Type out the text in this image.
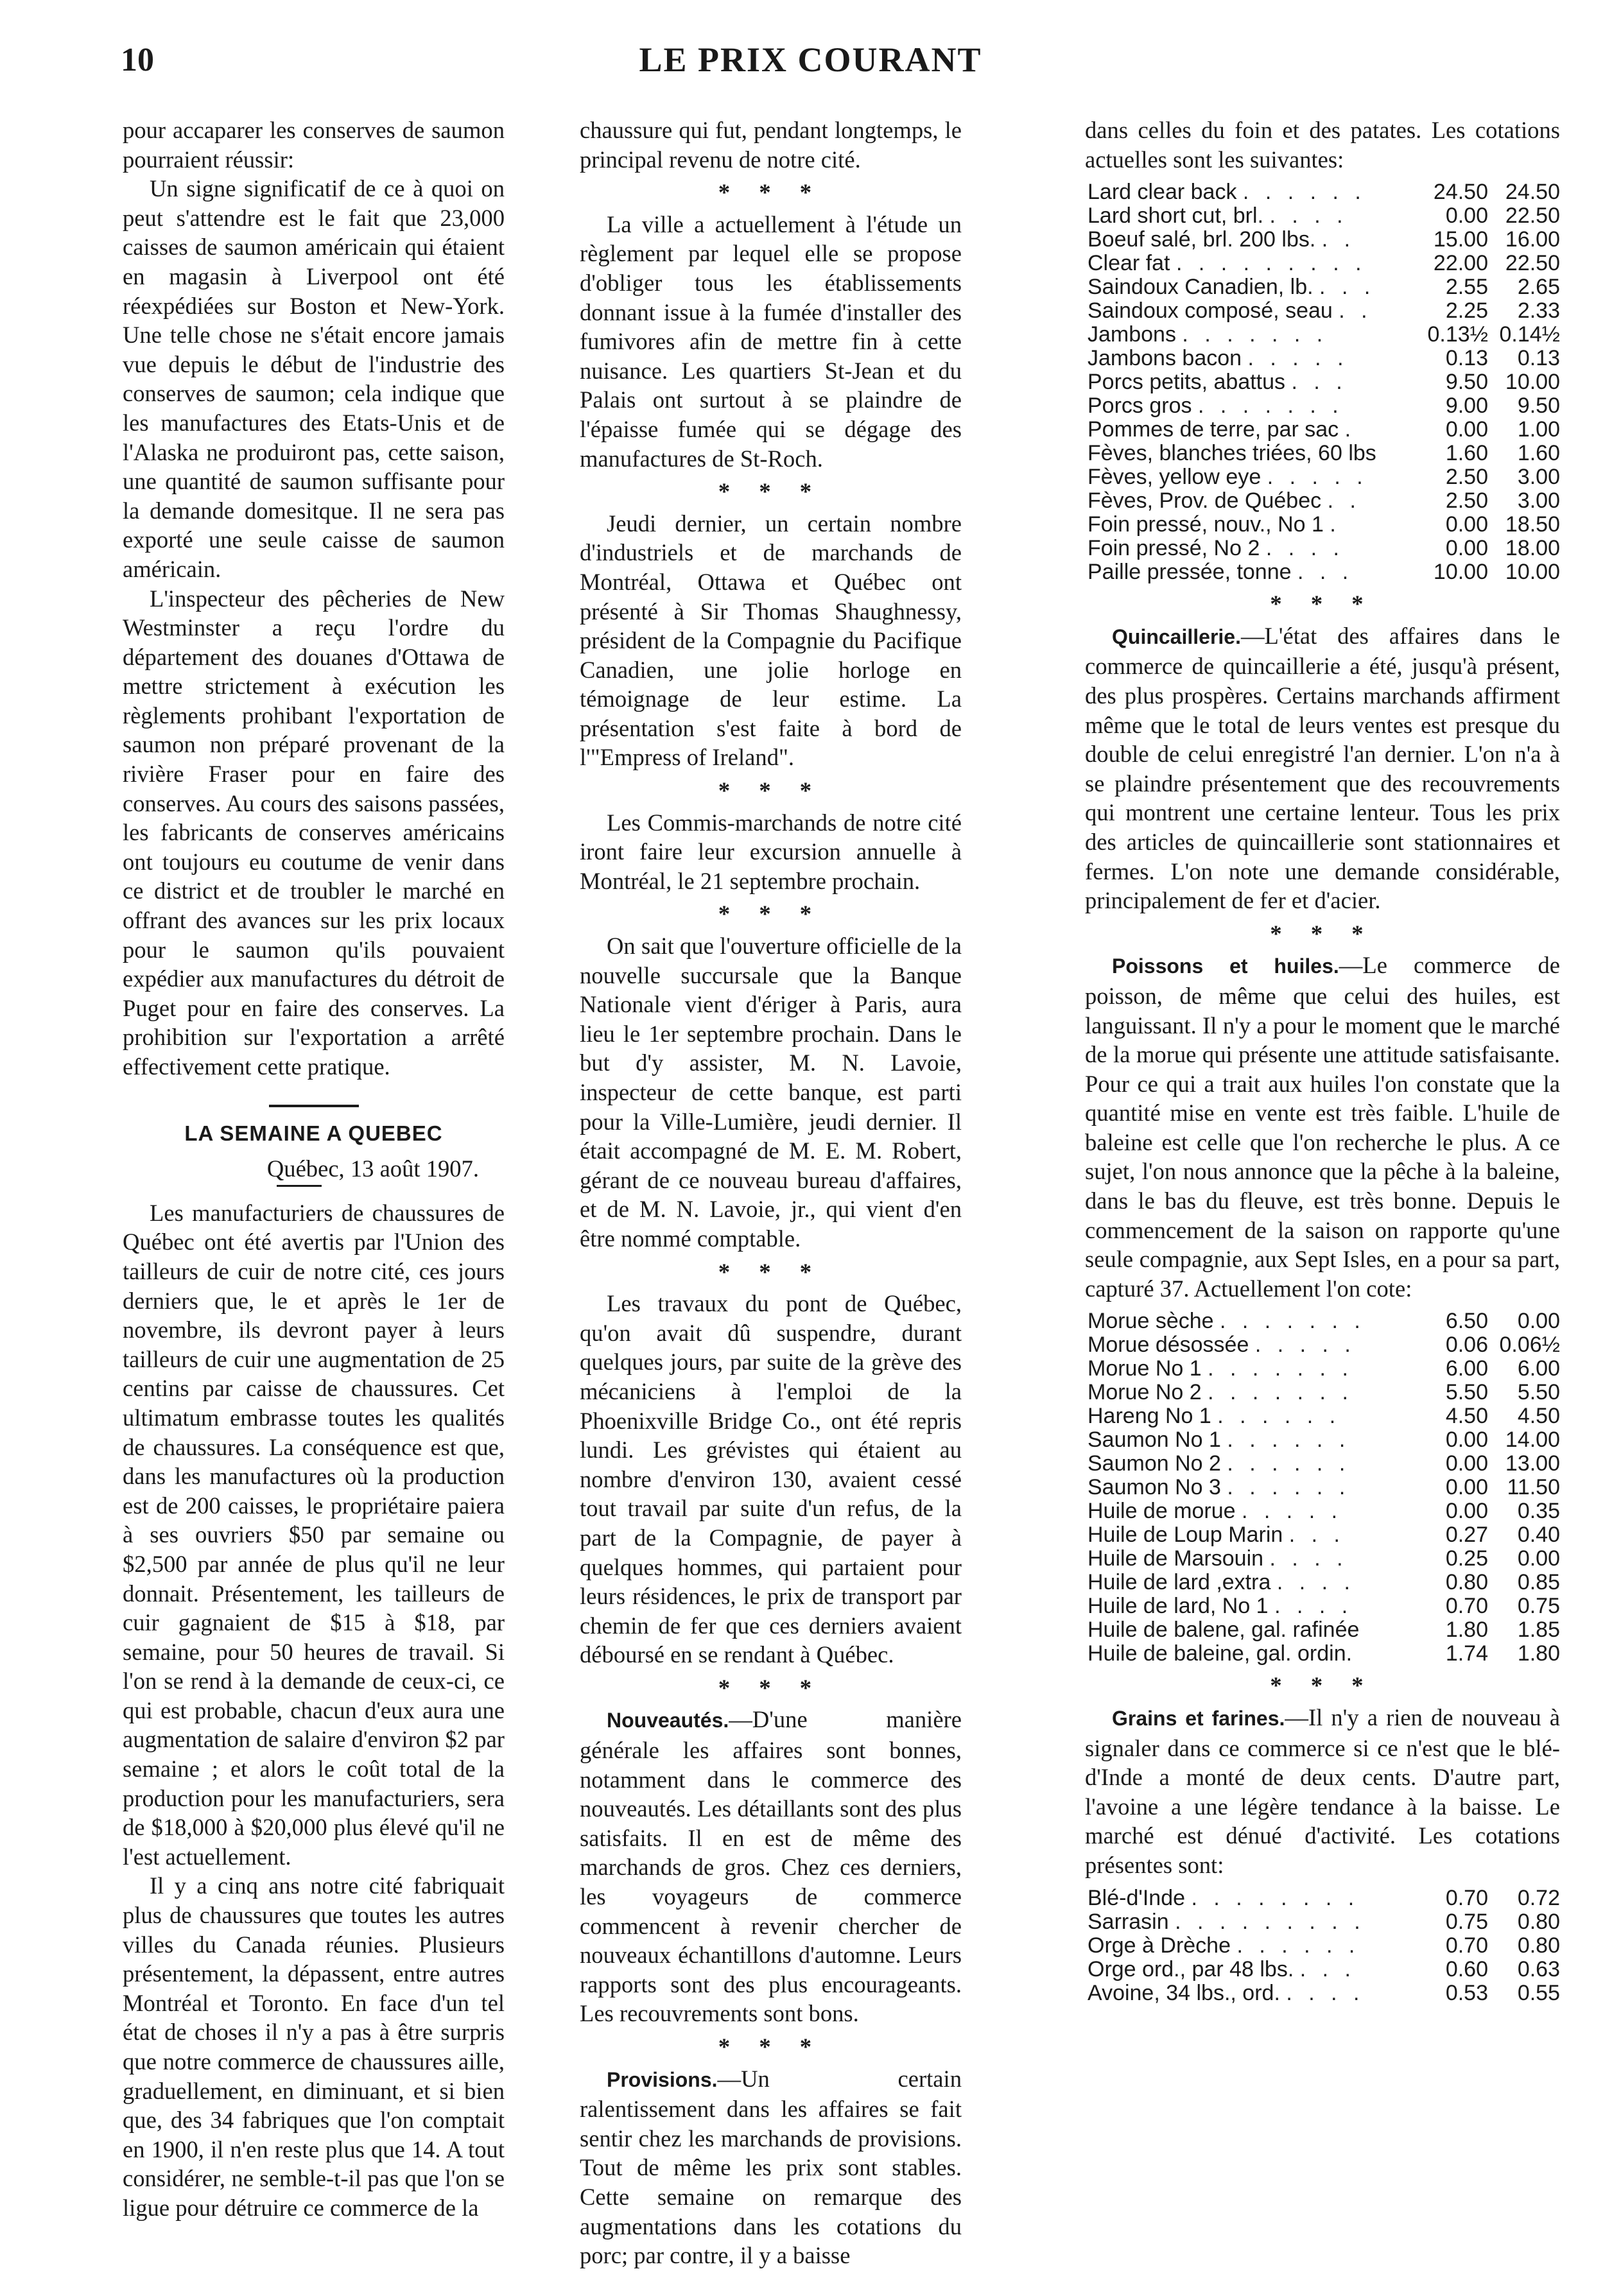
10	LE PRIX COURANT

pour accaparer les conserves de saumon pourraient réussir:

Un signe significatif de ce à quoi on peut s'attendre est le fait que 23,000 caisses de saumon américain qui étaient en magasin à Liverpool ont été réexpédiées sur Boston et New-York. Une telle chose ne s'était encore jamais vue depuis le début de l'industrie des conserves de saumon; cela indique que les manufactures des Etats-Unis et de l'Alaska ne produiront pas, cette saison, une quantité de saumon suffisante pour la demande domesitque. Il ne sera pas exporté une seule caisse de saumon américain.

L'inspecteur des pêcheries de New Westminster a reçu l'ordre du département des douanes d'Ottawa de mettre strictement à exécution les règlements prohibant l'exportation de saumon non préparé provenant de la rivière Fraser pour en faire des conserves. Au cours des saisons passées, les fabricants de conserves américains ont toujours eu coutume de venir dans ce district et de troubler le marché en offrant des avances sur les prix locaux pour le saumon qu'ils pouvaient expédier aux manufactures du détroit de Puget pour en faire des conserves. La prohibition sur l'exportation a arrêté effectivement cette pratique.

LA SEMAINE A QUEBEC
Québec, 13 août 1907.

Les manufacturiers de chaussures de Québec ont été avertis par l'Union des tailleurs de cuir de notre cité, ces jours derniers que, le et après le 1er de novembre, ils devront payer à leurs tailleurs de cuir une augmentation de 25 centins par caisse de chaussures. Cet ultimatum embrasse toutes les qualités de chaussures. La conséquence est que, dans les manufactures où la production est de 200 caisses, le propriétaire paiera à ses ouvriers $50 par semaine ou $2,500 par année de plus qu'il ne leur donnait. Présentement, les tailleurs de cuir gagnaient de $15 à $18, par semaine, pour 50 heures de travail. Si l'on se rend à la demande de ceux-ci, ce qui est probable, chacun d'eux aura une augmentation de salaire d'environ $2 par semaine ; et alors le coût total de la production pour les manufacturiers, sera de $18,000 à $20,000 plus élevé qu'il ne l'est actuellement.

Il y a cinq ans notre cité fabriquait plus de chaussures que toutes les autres villes du Canada réunies. Plusieurs présentement, la dépassent, entre autres Montréal et Toronto. En face d'un tel état de choses il n'y a pas à être surpris que notre commerce de chaussures aille, graduellement, en diminuant, et si bien que, des 34 fabriques que l'on comptait en 1900, il n'en reste plus que 14. A tout considérer, ne semble-t-il pas que l'on se ligue pour détruire ce commerce de la

chaussure qui fut, pendant longtemps, le principal revenu de notre cité.

* * *

La ville a actuellement à l'étude un règlement par lequel elle se propose d'obliger tous les établissements donnant issue à la fumée d'installer des fumivores afin de mettre fin à cette nuisance. Les quartiers St-Jean et du Palais ont surtout à se plaindre de l'épaisse fumée qui se dégage des manufactures de St-Roch.

* * *

Jeudi dernier, un certain nombre d'industriels et de marchands de Montréal, Ottawa et Québec ont présenté à Sir Thomas Shaughnessy, président de la Compagnie du Pacifique Canadien, une jolie horloge en témoignage de leur estime. La présentation s'est faite à bord de l'"Empress of Ireland".

* * *

Les Commis-marchands de notre cité iront faire leur excursion annuelle à Montréal, le 21 septembre prochain.

* * *

On sait que l'ouverture officielle de la nouvelle succursale que la Banque Nationale vient d'ériger à Paris, aura lieu le 1er septembre prochain. Dans le but d'y assister, M. N. Lavoie, inspecteur de cette banque, est parti pour la Ville-Lumière, jeudi dernier. Il était accompagné de M. E. M. Robert, gérant de ce nouveau bureau d'affaires, et de M. N. Lavoie, jr., qui vient d'en être nommé comptable.

* * *

Les travaux du pont de Québec, qu'on avait dû suspendre, durant quelques jours, par suite de la grève des mécaniciens à l'emploi de la Phoenixville Bridge Co., ont été repris lundi. Les grévistes qui étaient au nombre d'environ 130, avaient cessé tout travail par suite d'un refus, de la part de la Compagnie, de payer à quelques hommes, qui partaient pour leurs résidences, le prix de transport par chemin de fer que ces derniers avaient déboursé en se rendant à Québec.

* * *

Nouveautés.—D'une manière générale les affaires sont bonnes, notamment dans le commerce des nouveautés. Les détaillants sont des plus satisfaits. Il en est de même des marchands de gros. Chez ces derniers, les voyageurs de commerce commencent à revenir chercher de nouveaux échantillons d'automne. Leurs rapports sont des plus encourageants. Les recouvrements sont bons.

* * *

Provisions.—Un certain ralentissement dans les affaires se fait sentir chez les marchands de provisions. Tout de même les prix sont stables. Cette semaine on remarque des augmentations dans les cotations du porc; par contre, il y a baisse

dans celles du foin et des patates. Les cotations actuelles sont les suivantes:

Lard clear back . . . . . .	24.50	24.50
Lard short cut, brl. . . . .	0.00	22.50
Boeuf salé, brl. 200 lbs. . .	15.00	16.00
Clear fat . . . . . . . . .	22.00	22.50
Saindoux Canadien, lb. . . .	2.55	2.65
Saindoux composé, seau . .	2.25	2.33
Jambons . . . . . . .	0.13½	0.14½
Jambons bacon . . . . .	0.13	0.13
Porcs petits, abattus . . .	9.50	10.00
Porcs gros . . . . . . .	9.00	9.50
Pommes de terre, par sac .	0.00	1.00
Fèves, blanches triées, 60 lbs	1.60	1.60
Fèves, yellow eye . . . . .	2.50	3.00
Fèves, Prov. de Québec . .	2.50	3.00
Foin pressé, nouv., No 1 .	0.00	18.50
Foin pressé, No 2 . . . .	0.00	18.00
Paille pressée, tonne . . .	10.00	10.00
* * *

Quincaillerie.—L'état des affaires dans le commerce de quincaillerie a été, jusqu'à présent, des plus prospères. Certains marchands affirment même que le total de leurs ventes est presque du double de celui enregistré l'an dernier. L'on n'a à se plaindre présentement que des recouvrements qui montrent une certaine lenteur. Tous les prix des articles de quincaillerie sont stationnaires et fermes. L'on note une demande considérable, principalement de fer et d'acier.

* * *

Poissons et huiles.—Le commerce de poisson, de même que celui des huiles, est languissant. Il n'y a pour le moment que le marché de la morue qui présente une attitude satisfaisante. Pour ce qui a trait aux huiles l'on constate que la quantité mise en vente est très faible. L'huile de baleine est celle que l'on recherche le plus. A ce sujet, l'on nous annonce que la pêche à la baleine, dans le bas du fleuve, est très bonne. Depuis le commencement de la saison on rapporte qu'une seule compagnie, aux Sept Isles, en a pour sa part, capturé 37. Actuellement l'on cote:

Morue sèche . . . . . . .	6.50	0.00
Morue désossée . . . . .	0.06	0.06½
Morue No 1 . . . . . . .	6.00	6.00
Morue No 2 . . . . . . .	5.50	5.50
Hareng No 1 . . . . . .	4.50	4.50
Saumon No 1 . . . . . .	0.00	14.00
Saumon No 2 . . . . . .	0.00	13.00
Saumon No 3 . . . . . .	0.00	11.50
Huile de morue . . . . .	0.00	0.35
Huile de Loup Marin . . .	0.27	0.40
Huile de Marsouin . . . .	0.25	0.00
Huile de lard ,extra . . . .	0.80	0.85
Huile de lard, No 1 . . . .	0.70	0.75
Huile de balene, gal. rafinée	1.80	1.85
Huile de baleine, gal. ordin.	1.74	1.80
* * *

Grains et farines.—Il n'y a rien de nouveau à signaler dans ce commerce si ce n'est que le blé-d'Inde a monté de deux cents. D'autre part, l'avoine a une légère tendance à la baisse. Le marché est dénué d'activité. Les cotations présentes sont:

Blé-d'Inde . . . . . . . .	0.70	0.72
Sarrasin . . . . . . . . .	0.75	0.80
Orge à Drèche . . . . . .	0.70	0.80
Orge ord., par 48 lbs. . . .	0.60	0.63
Avoine, 34 lbs., ord. . . . .	0.53	0.55
